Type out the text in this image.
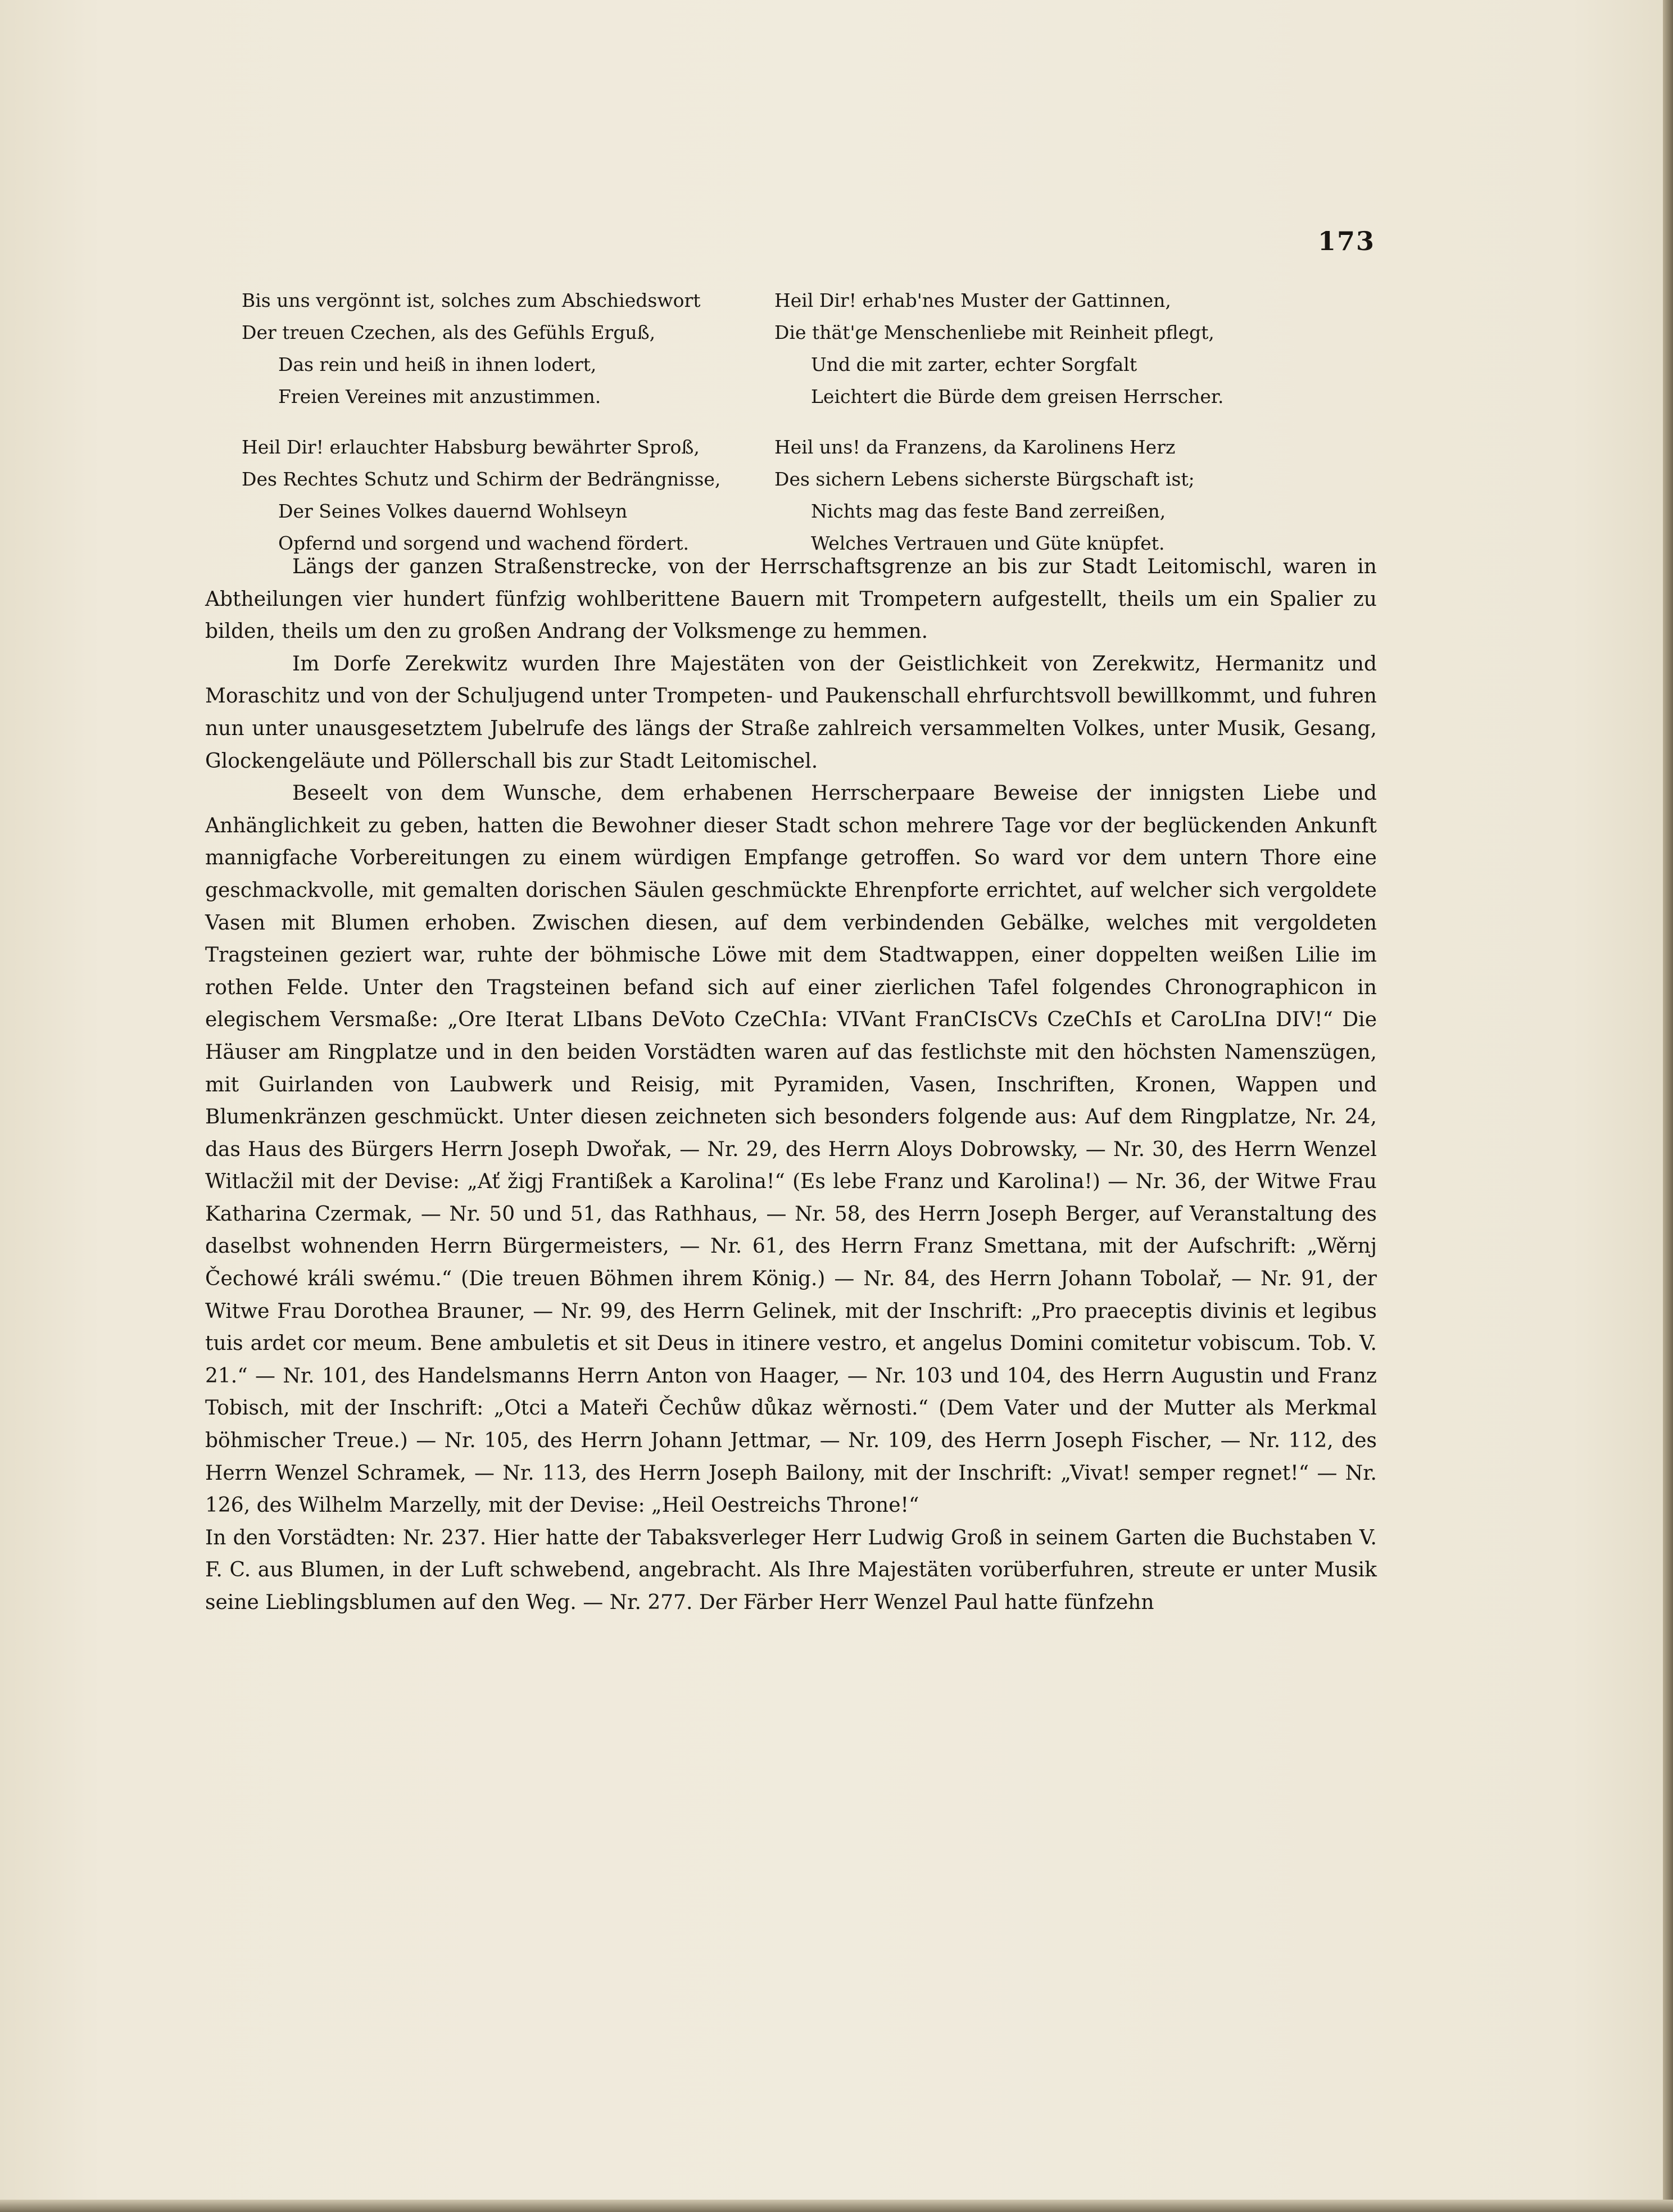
173
Bis uns vergönnt ist, solches zum Abschiedswort
Der treuen Czechen, als des Gefühls Erguß,
Das rein und heiß in ihnen lodert,
Freien Vereines mit anzustimmen.
Heil Dir! erlauchter Habsburg bewährter Sproß,
Des Rechtes Schutz und Schirm der Bedrängnisse,
Der Seines Volkes dauernd Wohlseyn
Opfernd und sorgend und wachend fördert.
Heil Dir! erhab'nes Muster der Gattinnen,
Die thät'ge Menschenliebe mit Reinheit pflegt,
Und die mit zarter, echter Sorgfalt
Leichtert die Bürde dem greisen Herrscher.
Heil uns! da Franzens, da Karolinens Herz
Des sichern Lebens sicherste Bürgschaft ist;
Nichts mag das feste Band zerreißen,
Welches Vertrauen und Güte knüpfet.

Längs der ganzen Straßenstrecke, von der Herrschaftsgrenze an bis zur Stadt Leitomischl, waren in Abtheilungen vier hundert fünfzig wohlberittene Bauern mit Trompetern aufgestellt, theils um ein Spalier zu bilden, theils um den zu großen Andrang der Volksmenge zu hemmen.

Im Dorfe Zerekwitz wurden Ihre Majestäten von der Geistlichkeit von Zerekwitz, Hermanitz und Moraschitz und von der Schuljugend unter Trompeten- und Paukenschall ehrfurchtsvoll bewillkommt, und fuhren nun unter unausgesetztem Jubelrufe des längs der Straße zahlreich versammelten Volkes, unter Musik, Gesang, Glockengeläute und Pöllerschall bis zur Stadt Leitomischel.

Beseelt von dem Wunsche, dem erhabenen Herrscherpaare Beweise der innigsten Liebe und Anhänglichkeit zu geben, hatten die Bewohner dieser Stadt schon mehrere Tage vor der beglückenden Ankunft mannigfache Vorbereitungen zu einem würdigen Empfange getroffen. So ward vor dem untern Thore eine geschmackvolle, mit gemalten dorischen Säulen geschmückte Ehrenpforte errichtet, auf welcher sich vergoldete Vasen mit Blumen erhoben. Zwischen diesen, auf dem verbindenden Gebälke, welches mit vergoldeten Tragsteinen geziert war, ruhte der böhmische Löwe mit dem Stadtwappen, einer doppelten weißen Lilie im rothen Felde. Unter den Tragsteinen befand sich auf einer zierlichen Tafel folgendes Chronographicon in elegischem Versmaße: „Ore Iterat LIbans DeVoto CzeChIa: VIVant FranCIsCVs CzeChIs et CaroLIna DIV!“ Die Häuser am Ringplatze und in den beiden Vorstädten waren auf das festlichste mit den höchsten Namenszügen, mit Guirlanden von Laubwerk und Reisig, mit Pyramiden, Vasen, Inschriften, Kronen, Wappen und Blumenkränzen geschmückt. Unter diesen zeichneten sich besonders folgende aus: Auf dem Ringplatze, Nr. 24, das Haus des Bürgers Herrn Joseph Dwořak, — Nr. 29, des Herrn Aloys Dobrowsky, — Nr. 30, des Herrn Wenzel Witlacžil mit der Devise: „Ať žigj Frantißek a Karolina!“ (Es lebe Franz und Karolina!) — Nr. 36, der Witwe Frau Katharina Czermak, — Nr. 50 und 51, das Rathhaus, — Nr. 58, des Herrn Joseph Berger, auf Veranstaltung des daselbst wohnenden Herrn Bürgermeisters, — Nr. 61, des Herrn Franz Smettana, mit der Aufschrift: „Wěrnj Čechowé králi swému.“ (Die treuen Böhmen ihrem König.) — Nr. 84, des Herrn Johann Tobolař, — Nr. 91, der Witwe Frau Dorothea Brauner, — Nr. 99, des Herrn Gelinek, mit der Inschrift: „Pro praeceptis divinis et legibus tuis ardet cor meum. Bene ambuletis et sit Deus in itinere vestro, et angelus Domini comitetur vobiscum. Tob. V. 21.“ — Nr. 101, des Handelsmanns Herrn Anton von Haager, — Nr. 103 und 104, des Herrn Augustin und Franz Tobisch, mit der Inschrift: „Otci a Mateři Čechůw důkaz wěrnosti.“ (Dem Vater und der Mutter als Merkmal böhmischer Treue.) — Nr. 105, des Herrn Johann Jettmar, — Nr. 109, des Herrn Joseph Fischer, — Nr. 112, des Herrn Wenzel Schramek, — Nr. 113, des Herrn Joseph Bailony, mit der Inschrift: „Vivat! semper regnet!“ — Nr. 126, des Wilhelm Marzelly, mit der Devise: „Heil Oestreichs Throne!“

In den Vorstädten: Nr. 237. Hier hatte der Tabaksverleger Herr Ludwig Groß in seinem Garten die Buchstaben V. F. C. aus Blumen, in der Luft schwebend, angebracht. Als Ihre Majestäten vorüberfuhren, streute er unter Musik seine Lieblingsblumen auf den Weg. — Nr. 277. Der Färber Herr Wenzel Paul hatte fünfzehn
